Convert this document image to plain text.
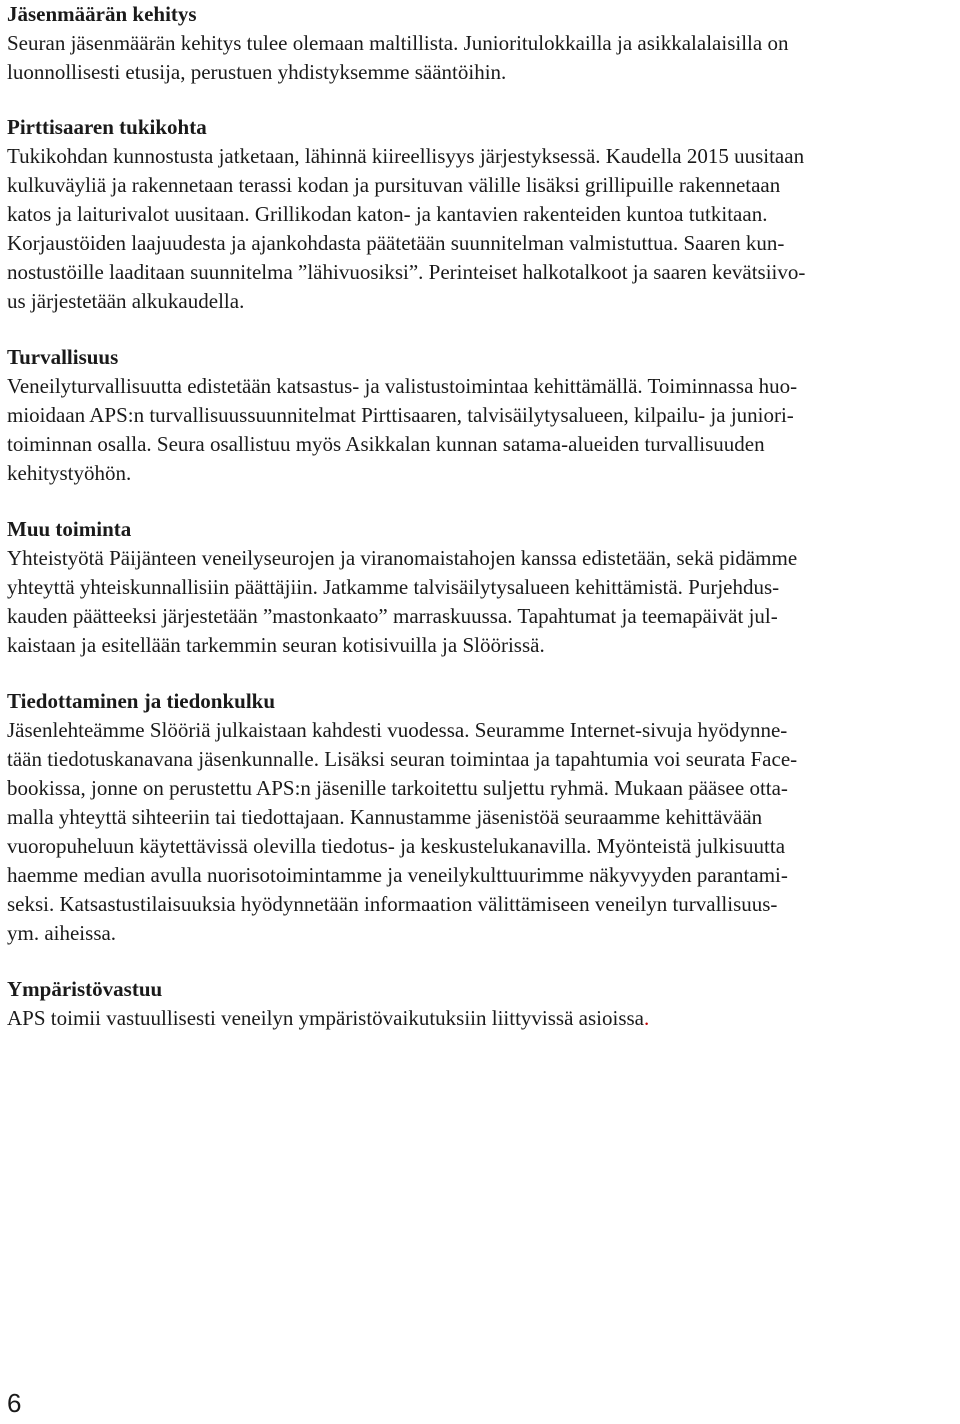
Jäsenmäärän kehitys

Seuran jäsenmäärän kehitys tulee olemaan maltillista. Junioritulokkailla ja asikkalalaisilla on
luonnollisesti etusija, perustuen yhdistyksemme sääntöihin.

Pirttisaaren tukikohta

Tukikohdan kunnostusta jatketaan, lähinnä kiireellisyys järjestyksessä. Kaudella 2015 uusitaan
kulkuväyliä ja rakennetaan terassi kodan ja pursituvan välille lisäksi grillipuille rakennetaan
katos ja laiturivalot uusitaan. Grillikodan katon- ja kantavien rakenteiden kuntoa tutkitaan.
Korjaustöiden laajuudesta ja ajankohdasta päätetään suunnitelman valmistuttua. Saaren kun-
nostustöille laaditaan suunnitelma ”lähivuosiksi”. Perinteiset halkotalkoot ja saaren kevätsiivo-
us järjestetään alkukaudella.

Turvallisuus

Veneilyturvallisuutta edistetään katsastus- ja valistustoimintaa kehittämällä. Toiminnassa huo-
mioidaan APS:n turvallisuussuunnitelmat Pirttisaaren, talvisäilytysalueen, kilpailu- ja juniori-
toiminnan osalla. Seura osallistuu myös Asikkalan kunnan satama-alueiden turvallisuuden
kehitystyöhön.

Muu toiminta

Yhteistyötä Päijänteen veneilyseurojen ja viranomaistahojen kanssa edistetään, sekä pidämme
yhteyttä yhteiskunnallisiin päättäjiin. Jatkamme talvisäilytysalueen kehittämistä. Purjehdus-
kauden päätteeksi järjestetään ”mastonkaato” marraskuussa. Tapahtumat ja teemapäivät jul-
kaistaan ja esitellään tarkemmin seuran kotisivuilla ja Slöörissä.

Tiedottaminen ja tiedonkulku

Jäsenlehteämme Slööriä julkaistaan kahdesti vuodessa. Seuramme Internet-sivuja hyödynne-
tään tiedotuskanavana jäsenkunnalle. Lisäksi seuran toimintaa ja tapahtumia voi seurata Face-
bookissa, jonne on perustettu APS:n jäsenille tarkoitettu suljettu ryhmä. Mukaan pääsee otta-
malla yhteyttä sihteeriin tai tiedottajaan. Kannustamme jäsenistöä seuraamme kehittävään
vuoropuheluun käytettävissä olevilla tiedotus- ja keskustelukanavilla. Myönteistä julkisuutta
haemme median avulla nuorisotoimintamme ja veneilykulttuurimme näkyvyyden parantami-
seksi. Katsastustilaisuuksia hyödynnetään informaation välittämiseen veneilyn turvallisuus-
ym. aiheissa.

Ympäristövastuu

APS toimii vastuullisesti veneilyn ympäristövaikutuksiin liittyvissä asioissa.
6
